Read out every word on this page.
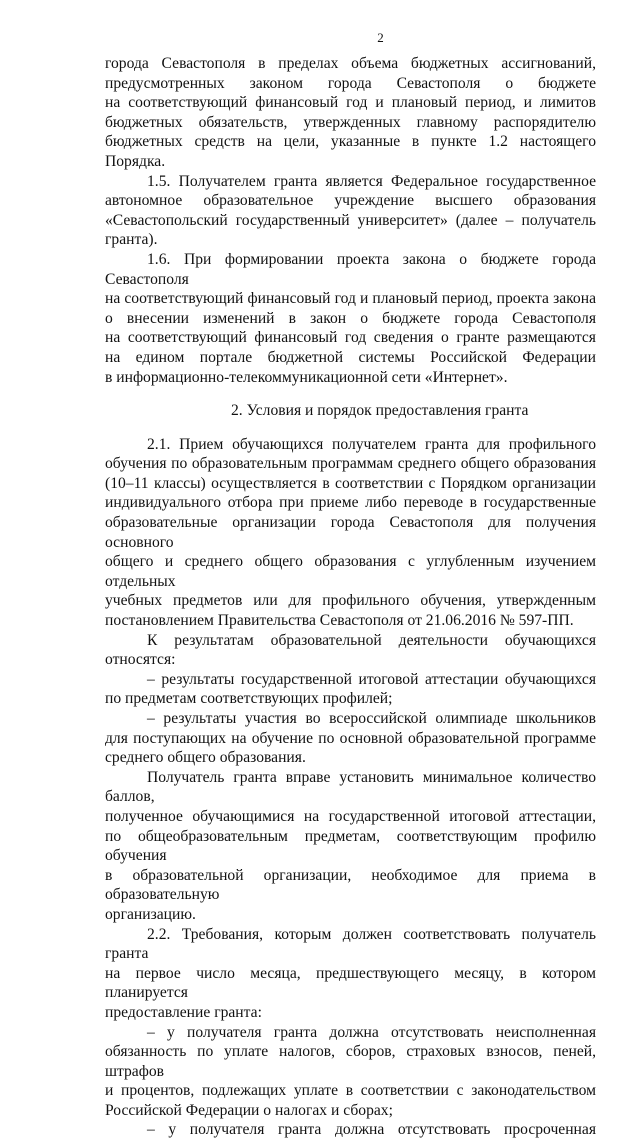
2

города Севастополя в пределах объема бюджетных ассигнований,

предусмотренных законом города Севастополя о бюджете

на соответствующий финансовый год и плановый период, и лимитов

бюджетных обязательств, утвержденных главному распорядителю

бюджетных средств на цели, указанные в пункте 1.2 настоящего Порядка.

1.5. Получателем гранта является Федеральное государственное

автономное образовательное учреждение высшего образования

«Севастопольский государственный университет» (далее – получатель

гранта).

1.6. При формировании проекта закона о бюджете города Севастополя

на соответствующий финансовый год и плановый период, проекта закона

о внесении изменений в закон о бюджете города Севастополя

на соответствующий финансовый год сведения о гранте размещаются

на едином портале бюджетной системы Российской Федерации

в информационно-телекоммуникационной сети «Интернет».

2. Условия и порядок предоставления гранта

2.1. Прием обучающихся получателем гранта для профильного

обучения по образовательным программам среднего общего образования

(10–11 классы) осуществляется в соответствии с Порядком организации

индивидуального отбора при приеме либо переводе в государственные

образовательные организации города Севастополя для получения основного

общего и среднего общего образования с углубленным изучением отдельных

учебных предметов или для профильного обучения, утвержденным

постановлением Правительства Севастополя от 21.06.2016 № 597-ПП.

К результатам образовательной деятельности обучающихся относятся:

– результаты государственной итоговой аттестации обучающихся

по предметам соответствующих профилей;

– результаты участия во всероссийской олимпиаде школьников

для поступающих на обучение по основной образовательной программе

среднего общего образования.

Получатель гранта вправе установить минимальное количество баллов,

полученное обучающимися на государственной итоговой аттестации,

по общеобразовательным предметам, соответствующим профилю обучения

в образовательной организации, необходимое для приема в образовательную

организацию.

2.2. Требования, которым должен соответствовать получатель гранта

на первое число месяца, предшествующего месяцу, в котором планируется

предоставление гранта:

– у получателя гранта должна отсутствовать неисполненная

обязанность по уплате налогов, сборов, страховых взносов, пеней, штрафов

и процентов, подлежащих уплате в соответствии с законодательством

Российской Федерации о налогах и сборах;

– у получателя гранта должна отсутствовать просроченная
